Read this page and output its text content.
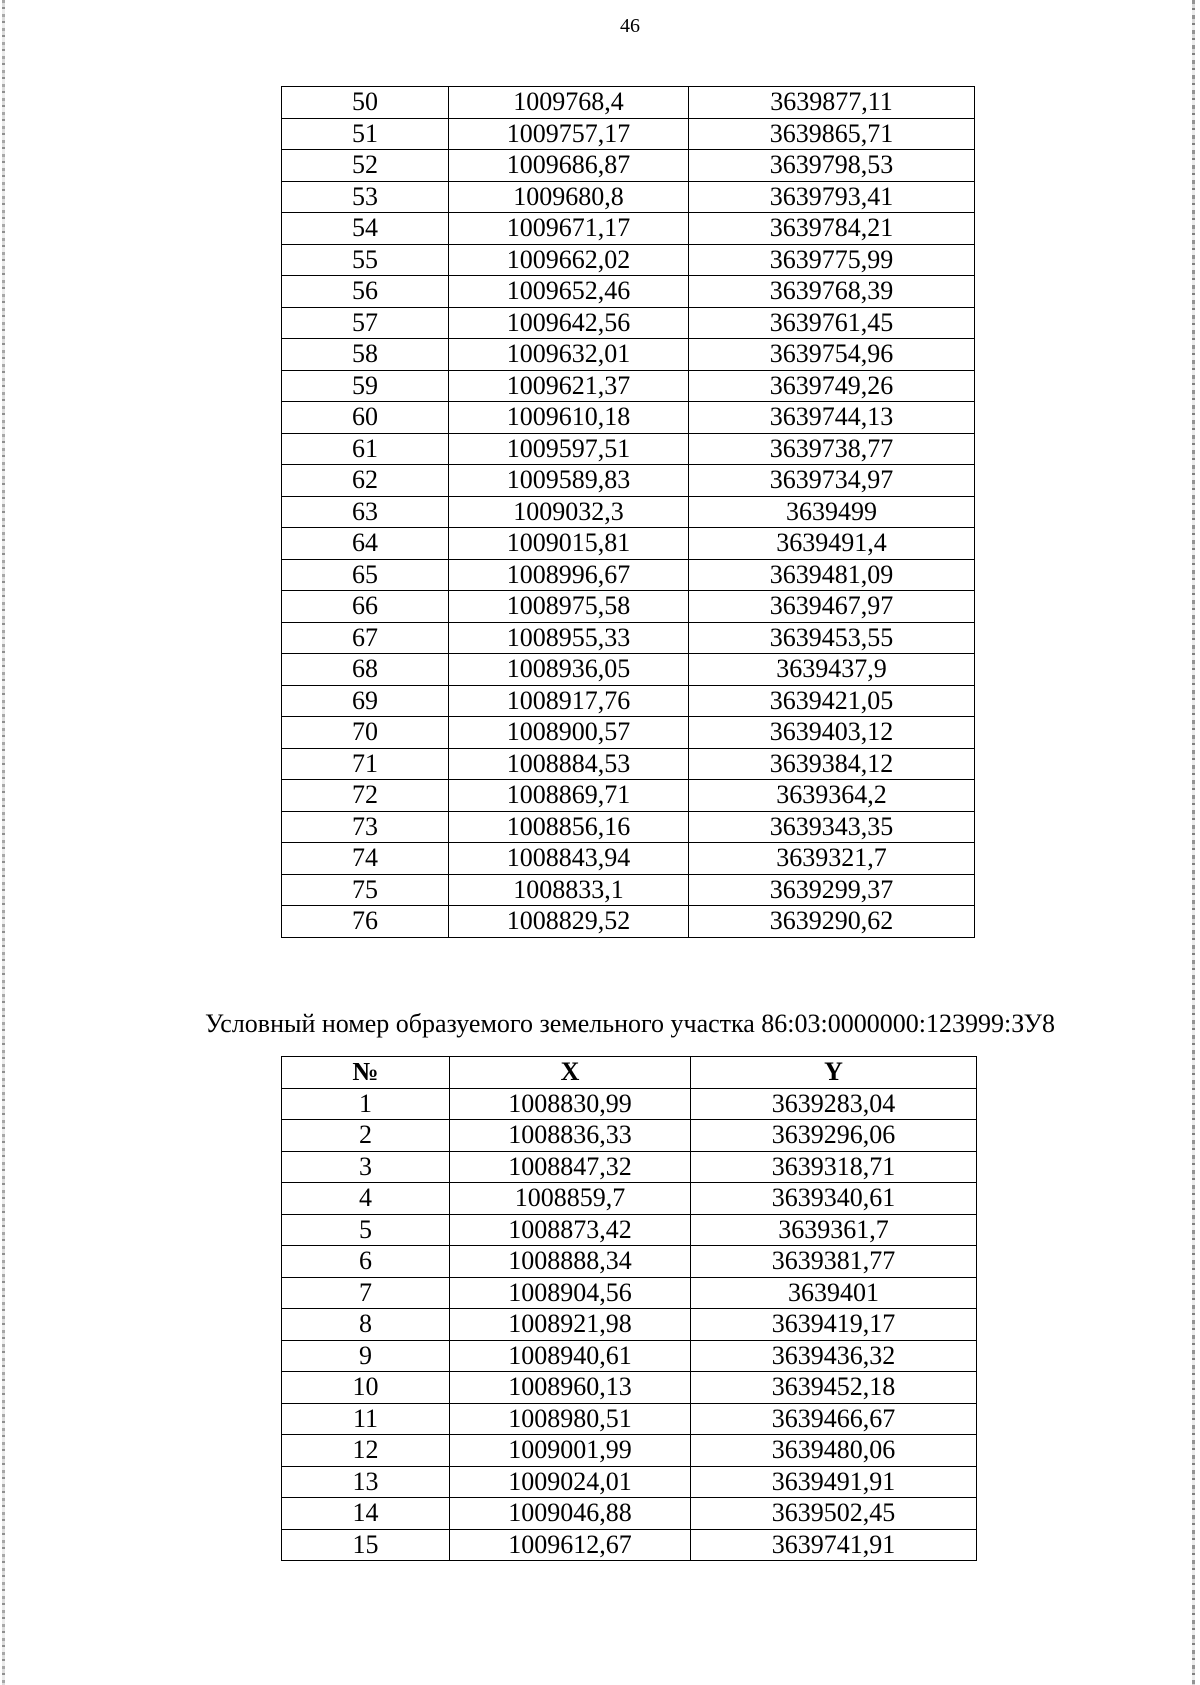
46
50	1009768,4	3639877,11
51	1009757,17	3639865,71
52	1009686,87	3639798,53
53	1009680,8	3639793,41
54	1009671,17	3639784,21
55	1009662,02	3639775,99
56	1009652,46	3639768,39
57	1009642,56	3639761,45
58	1009632,01	3639754,96
59	1009621,37	3639749,26
60	1009610,18	3639744,13
61	1009597,51	3639738,77
62	1009589,83	3639734,97
63	1009032,3	3639499
64	1009015,81	3639491,4
65	1008996,67	3639481,09
66	1008975,58	3639467,97
67	1008955,33	3639453,55
68	1008936,05	3639437,9
69	1008917,76	3639421,05
70	1008900,57	3639403,12
71	1008884,53	3639384,12
72	1008869,71	3639364,2
73	1008856,16	3639343,35
74	1008843,94	3639321,7
75	1008833,1	3639299,37
76	1008829,52	3639290,62
Условный номер образуемого земельного участка 86:03:0000000:123999:ЗУ8
№	X	Y
1	1008830,99	3639283,04
2	1008836,33	3639296,06
3	1008847,32	3639318,71
4	1008859,7	3639340,61
5	1008873,42	3639361,7
6	1008888,34	3639381,77
7	1008904,56	3639401
8	1008921,98	3639419,17
9	1008940,61	3639436,32
10	1008960,13	3639452,18
11	1008980,51	3639466,67
12	1009001,99	3639480,06
13	1009024,01	3639491,91
14	1009046,88	3639502,45
15	1009612,67	3639741,91
